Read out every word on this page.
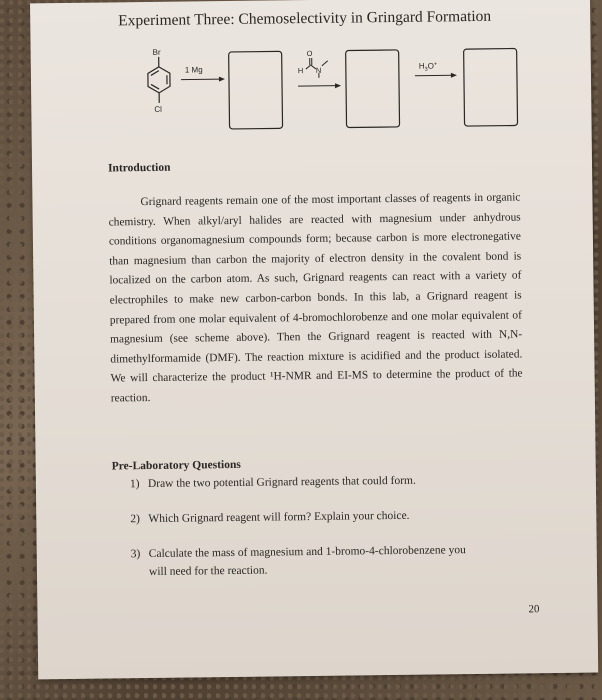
Experiment Three: Chemoselectivity in Gringard Formation
Br
Cl
1 Mg
O
H N	$H_3O^+$
Introduction

Grignard reagents remain one of the most important classes of reagents in organic chemistry. When alkyl/aryl halides are reacted with magnesium under anhydrous conditions organomagnesium compounds form; because carbon is more electronegative than magnesium than carbon the majority of electron density in the covalent bond is localized on the carbon atom. As such, Grignard reagents can react with a variety of electrophiles to make new carbon-carbon bonds. In this lab, a Grignard reagent is prepared from one molar equivalent of 4-bromochlorobenze and one molar equivalent of magnesium (see scheme above). Then the Grignard reagent is reacted with N,N-dimethylformamide (DMF). The reaction mixture is acidified and the product isolated. We will characterize the product ¹H-NMR and EI-MS to determine the product of the reaction.

Pre-Laboratory Questions
1) Draw the two potential Grignard reagents that could form.
2) Which Grignard reagent will form? Explain your choice.
3) Calculate the mass of magnesium and 1-bromo-4-chlorobenzene you
will need for the reaction.
20
